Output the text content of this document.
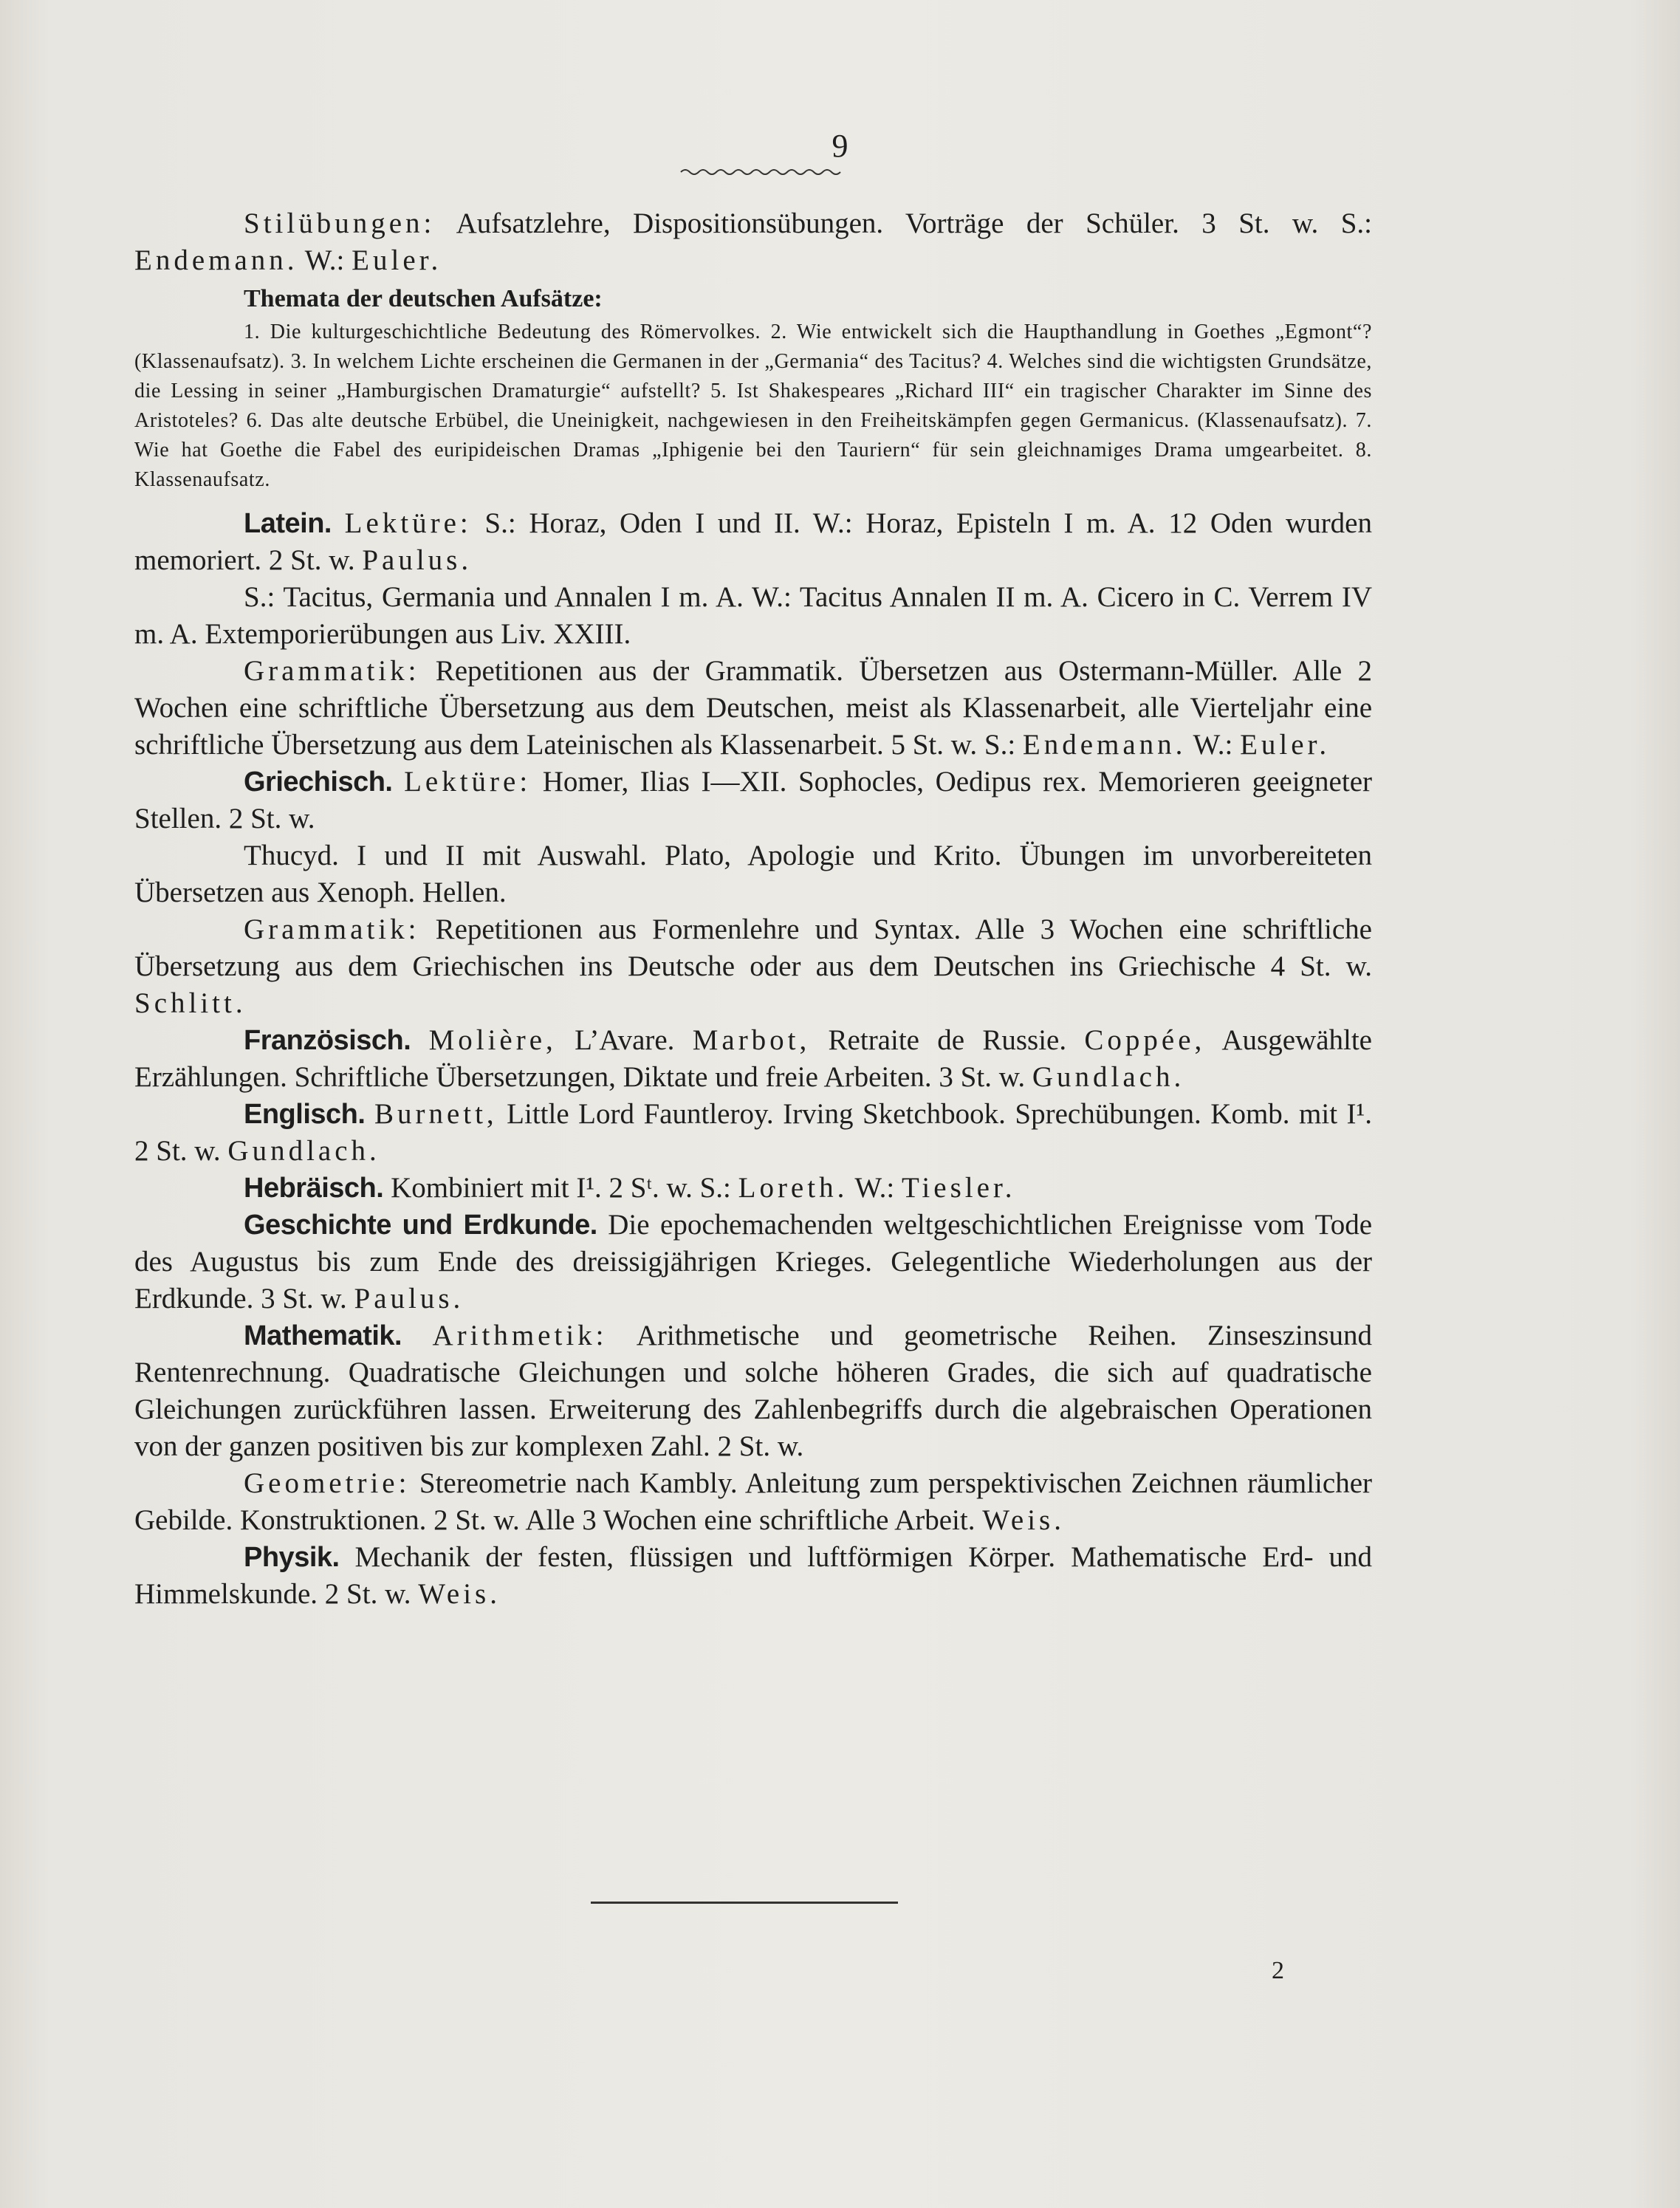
9

Stilübungen: Aufsatzlehre, Dispositionsübungen. Vorträge der Schüler. 3 St. w. S.: Endemann. W.: Euler.

Themata der deutschen Aufsätze:

1. Die kulturgeschichtliche Bedeutung des Römervolkes. 2. Wie entwickelt sich die Haupthandlung in Goethes „Egmont“? (Klassenaufsatz). 3. In welchem Lichte erscheinen die Germanen in der „Germania“ des Tacitus? 4. Welches sind die wichtigsten Grundsätze, die Lessing in seiner „Hamburgischen Dramaturgie“ aufstellt? 5. Ist Shakespeares „Richard III“ ein tragischer Charakter im Sinne des Aristoteles? 6. Das alte deutsche Erbübel, die Uneinigkeit, nachgewiesen in den Freiheitskämpfen gegen Germanicus. (Klassenaufsatz). 7. Wie hat Goethe die Fabel des euripideischen Dramas „Iphigenie bei den Tauriern“ für sein gleichnamiges Drama umgearbeitet. 8. Klassenaufsatz.

Latein. Lektüre: S.: Horaz, Oden I und II. W.: Horaz, Episteln I m. A. 12 Oden wurden memoriert. 2 St. w. Paulus.

S.: Tacitus, Germania und Annalen I m. A. W.: Tacitus Annalen II m. A. Cicero in C. Verrem IV m. A. Extemporierübungen aus Liv. XXIII.

Grammatik: Repetitionen aus der Grammatik. Übersetzen aus Ostermann-Müller. Alle 2 Wochen eine schriftliche Übersetzung aus dem Deutschen, meist als Klassenarbeit, alle Vierteljahr eine schriftliche Übersetzung aus dem Lateinischen als Klassenarbeit. 5 St. w. S.: Endemann. W.: Euler.

Griechisch. Lektüre: Homer, Ilias I—XII. Sophocles, Oedipus rex. Memorieren geeigneter Stellen. 2 St. w.

Thucyd. I und II mit Auswahl. Plato, Apologie und Krito. Übungen im unvorbereiteten Übersetzen aus Xenoph. Hellen.

Grammatik: Repetitionen aus Formenlehre und Syntax. Alle 3 Wochen eine schriftliche Übersetzung aus dem Griechischen ins Deutsche oder aus dem Deutschen ins Griechische 4 St. w. Schlitt.

Französisch. Molière, L’Avare. Marbot, Retraite de Russie. Coppée, Ausgewählte Erzählungen. Schriftliche Übersetzungen, Diktate und freie Arbeiten. 3 St. w. Gundlach.

Englisch. Burnett, Little Lord Fauntleroy. Irving Sketchbook. Sprechübungen. Komb. mit I¹. 2 St. w. Gundlach.

Hebräisch. Kombiniert mit I¹. 2 Sᵗ. w. S.: Loreth. W.: Tiesler.

Geschichte und Erdkunde. Die epochemachenden weltgeschichtlichen Ereignisse vom Tode des Augustus bis zum Ende des dreissigjährigen Krieges. Gelegentliche Wiederholungen aus der Erdkunde. 3 St. w. Paulus.

Mathematik. Arithmetik: Arithmetische und geometrische Reihen. Zinseszinsund Rentenrechnung. Quadratische Gleichungen und solche höheren Grades, die sich auf quadratische Gleichungen zurückführen lassen. Erweiterung des Zahlenbegriffs durch die algebraischen Operationen von der ganzen positiven bis zur komplexen Zahl. 2 St. w.

Geometrie: Stereometrie nach Kambly. Anleitung zum perspektivischen Zeichnen räumlicher Gebilde. Konstruktionen. 2 St. w. Alle 3 Wochen eine schriftliche Arbeit. Weis.

Physik. Mechanik der festen, flüssigen und luftförmigen Körper. Mathematische Erd- und Himmelskunde. 2 St. w. Weis.

2
